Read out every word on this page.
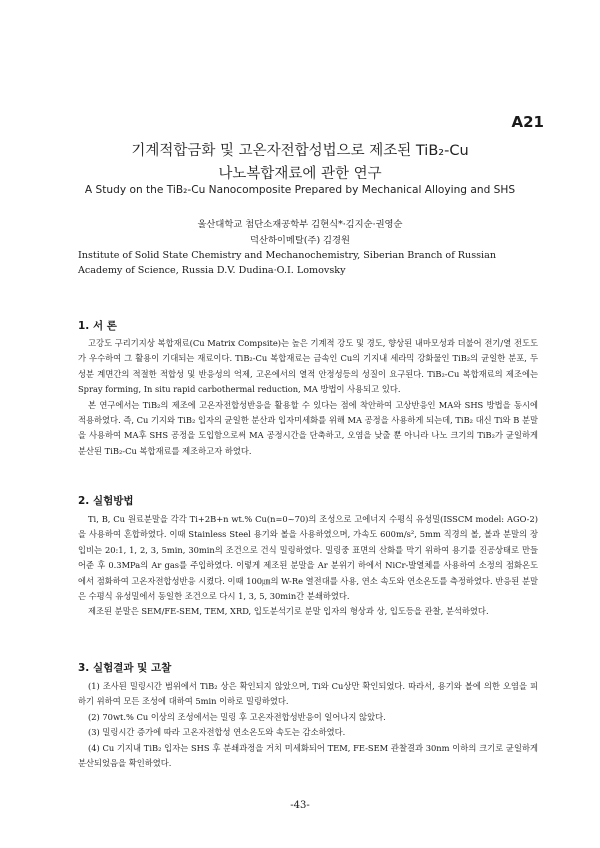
A21
기계적합금화 및 고온자전합성법으로 제조된 TiB₂-Cu
나노복합재료에 관한 연구
A Study on the TiB₂-Cu Nanocomposite Prepared by Mechanical Alloying and SHS
울산대학교 첨단소재공학부 김현식*·김지순·권영순
덕산하이메탈(주) 김경원
Institute of Solid State Chemistry and Mechanochemistry, Siberian Branch of Russian
Academy of Science, Russia D.V. Dudina·O.I. Lomovsky
1. 서 론

고강도 구리기지상 복합재료(Cu Matrix Compsite)는 높은 기계적 강도 및 경도, 향상된 내마모성과 더불어 전기/열 전도도가 우수하여 그 활용이 기대되는 재료이다. TiB₂-Cu 복합재료는 금속인 Cu의 기지내 세라믹 강화물인 TiB₂의 균일한 분포, 두 성분 계면간의 적절한 적합성 및 반응성의 억제, 고온에서의 열적 안정성등의 성질이 요구된다. TiB₂-Cu 복합재료의 제조에는 Spray forming, In situ rapid carbothermal reduction, MA 방법이 사용되고 있다.

본 연구에서는 TiB₂의 제조에 고온자전합성반응을 활용할 수 있다는 점에 착안하여 고상반응인 MA와 SHS 방법을 동시에 적용하였다. 즉, Cu 기지와 TiB₂ 입자의 균일한 분산과 입자미세화를 위해 MA 공정을 사용하게 되는데, TiB₂ 대신 Ti와 B 분말을 사용하여 MA후 SHS 공정을 도입함으로써 MA 공정시간을 단축하고, 오염을 낮출 뿐 아니라 나노 크기의 TiB₂가 균일하게 분산된 TiB₂-Cu 복합재료를 제조하고자 하였다.

2. 실험방법

Ti, B, Cu 원료분말을 각각 Ti+2B+n wt.% Cu(n=0~70)의 조성으로 고에너지 수평식 유성밀(ISSCM model: AGO-2)을 사용하여 혼합하였다. 이때 Stainless Steel 용기와 볼을 사용하였으며, 가속도 600m/s², 5mm 직경의 볼, 볼과 분말의 장입비는 20:1, 1, 2, 3, 5min, 30min의 조건으로 건식 밀링하였다. 밀링중 표면의 산화를 막기 위하여 용기를 진공상태로 만들어준 후 0.3MPa의 Ar gas를 주입하였다. 이렇게 제조된 분말을 Ar 분위기 하에서 NiCr-발열체를 사용하여 소정의 점화온도에서 점화하여 고온자전합성반응 시켰다. 이때 100㎛의 W-Re 열전대를 사용, 연소 속도와 연소온도를 측정하였다. 반응된 분말은 수평식 유성밀에서 동일한 조건으로 다시 1, 3, 5, 30min간 분쇄하였다.

제조된 분말은 SEM/FE-SEM, TEM, XRD, 입도분석기로 분말 입자의 형상과 상, 입도등을 관찰, 분석하였다.

3. 실험결과 및 고찰

(1) 조사된 밀링시간 범위에서 TiB₂ 상은 확인되지 않았으며, Ti와 Cu상만 확인되었다. 따라서, 용기와 볼에 의한 오염을 피하기 위하여 모든 조성에 대하여 5min 이하로 밀링하였다.

(2) 70wt.% Cu 이상의 조성에서는 밀링 후 고온자전합성반응이 일어나지 않았다.

(3) 밀링시간 증가에 따라 고온자전합성 연소온도와 속도는 감소하였다.

(4) Cu 기지내 TiB₂ 입자는 SHS 후 분쇄과정을 거치 미세화되어 TEM, FE-SEM 관찰결과 30nm 이하의 크기로 균일하게 분산되었음을 확인하였다.

-43-
